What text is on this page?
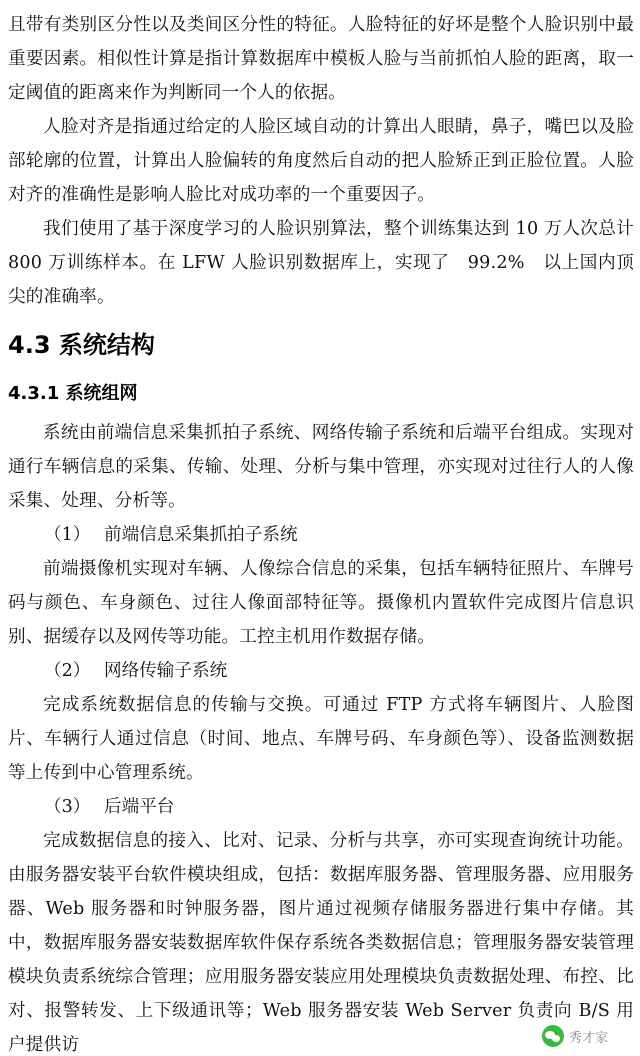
且带有类别区分性以及类间区分性的特征。人脸特征的好坏是整个人脸识别中最重要因素。相似性计算是指计算数据库中模板人脸与当前抓怕人脸的距离，取一定阈值的距离来作为判断同一个人的依据。

人脸对齐是指通过给定的人脸区域自动的计算出人眼睛，鼻子，嘴巴以及脸部轮廓的位置，计算出人脸偏转的角度然后自动的把人脸矫正到正脸位置。人脸对齐的准确性是影响人脸比对成功率的一个重要因子。

我们使用了基于深度学习的人脸识别算法，整个训练集达到 10 万人次总计 800 万训练样本。在 LFW 人脸识别数据库上，实现了　99.2%　以上国内顶尖的准确率。

4.3 系统结构
4.3.1 系统组网

系统由前端信息采集抓拍子系统、网络传输子系统和后端平台组成。实现对通行车辆信息的采集、传输、处理、分析与集中管理，亦实现对过往行人的人像采集、处理、分析等。

（1） 前端信息采集抓拍子系统

前端摄像机实现对车辆、人像综合信息的采集，包括车辆特征照片、车牌号码与颜色、车身颜色、过往人像面部特征等。摄像机内置软件完成图片信息识别、据缓存以及网传等功能。工控主机用作数据存储。

（2） 网络传输子系统

完成系统数据信息的传输与交换。可通过 FTP 方式将车辆图片、人脸图片、车辆行人通过信息（时间、地点、车牌号码、车身颜色等）、设备监测数据等上传到中心管理系统。

（3） 后端平台

完成数据信息的接入、比对、记录、分析与共享，亦可实现查询统计功能。由服务器安装平台软件模块组成，包括：数据库服务器、管理服务器、应用服务器、Web 服务器和时钟服务器，图片通过视频存储服务器进行集中存储。其中，数据库服务器安装数据库软件保存系统各类数据信息；管理服务器安装管理模块负责系统综合管理；应用服务器安装应用处理模块负责数据处理、布控、比对、报警转发、上下级通讯等；Web 服务器安装 Web Server 负责向 B/S 用户提供访	秀才家
